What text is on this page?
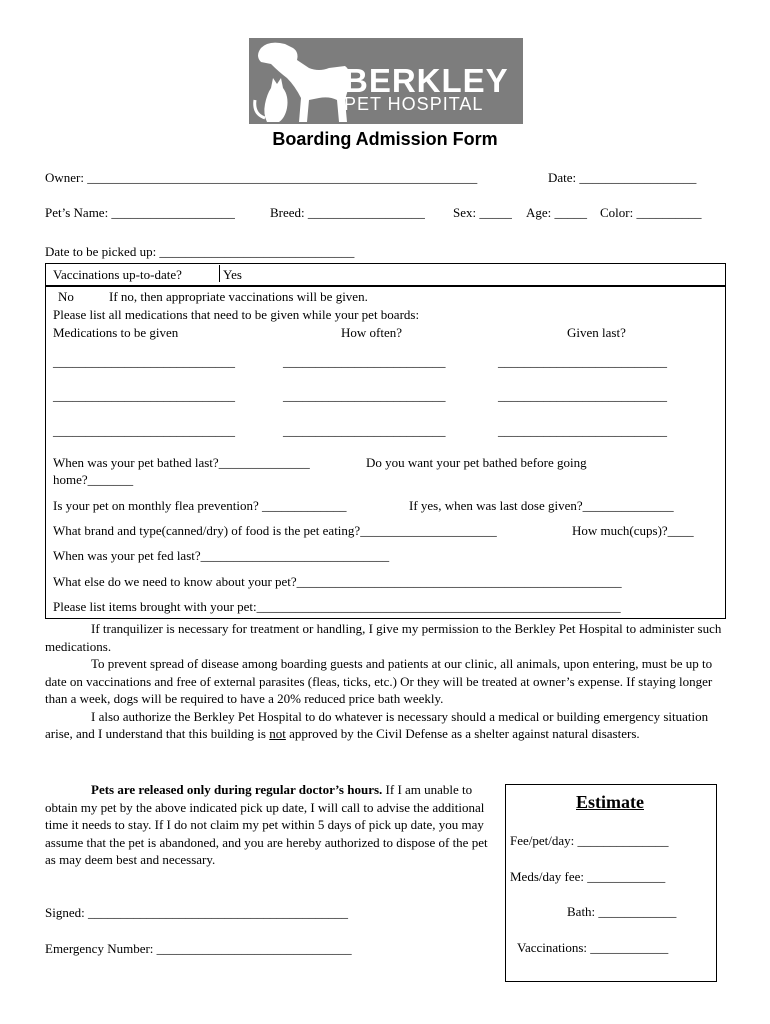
BERKLEY
PET HOSPITAL
Boarding Admission Form
Owner: ____________________________________________________________	Date: __________________
Pet’s Name: ___________________	Breed: __________________ Sex: _____ Age: _____ Color: __________
Date to be picked up: ______________________________
Vaccinations up-to-date?	Yes
No	If no, then appropriate vaccinations will be given.
Please list all medications that need to be given while your pet boards:
Medications to be given	How often?	Given last?
____________________________	_________________________	__________________________
____________________________	_________________________	__________________________
____________________________	_________________________	__________________________
When was your pet bathed last?______________	Do you want your pet bathed before going
home?_______
Is your pet on monthly flea prevention? _____________	If yes, when was last dose given?______________
What brand and type(canned/dry) of food is the pet eating?_____________________	How much(cups)?____
When was your pet fed last?_____________________________
What else do we need to know about your pet?__________________________________________________
Please list items brought with your pet:________________________________________________________

If tranquilizer is necessary for treatment or handling, I give my permission to the Berkley Pet Hospital to administer such medications.

To prevent spread of disease among boarding guests and patients at our clinic, all animals, upon entering, must be up to date on vaccinations and free of external parasites (fleas, ticks, etc.) Or they will be treated at owner’s expense. If staying longer than a week, dogs will be required to have a 20% reduced price bath weekly.

I also authorize the Berkley Pet Hospital to do whatever is necessary should a medical or building emergency situation arise, and I understand that this building is not approved by the Civil Defense as a shelter against natural disasters.

Pets are released only during regular doctor’s hours. If I am unable to obtain my pet by the above indicated pick up date, I will call to advise the additional time it needs to stay. If I do not claim my pet within 5 days of pick up date, you may assume that the pet is abandoned, and you are hereby authorized to dispose of the pet as may deem best and necessary.

Signed: ________________________________________
Emergency Number: ______________________________
Estimate
Fee/pet/day: ______________
Meds/day fee: ____________
Bath: ____________
Vaccinations: ____________
